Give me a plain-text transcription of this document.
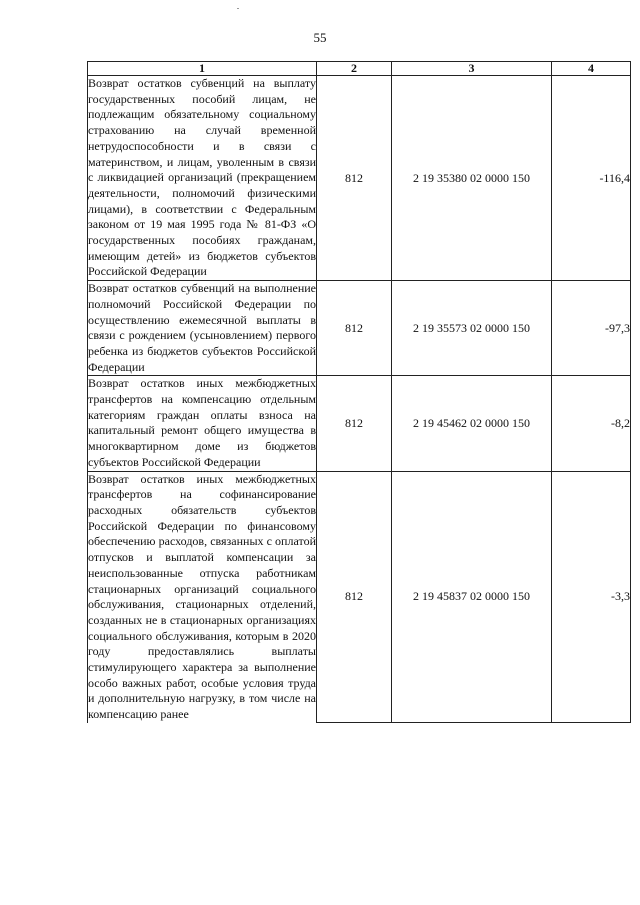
55
1	2	3	4
Возврат остатков субвенций на выплату государственных пособий лицам, не подлежащим обязательному социальному страхованию на случай временной нетрудоспособности и в связи с материнством, и лицам, уволенным в связи с ликвидацией организаций (прекращением деятельности, полномочий физическими лицами), в соответствии с Федеральным законом от 19 мая 1995 года № 81-ФЗ «О государственных пособиях гражданам, имеющим детей» из бюджетов субъектов Российской Федерации	812	2 19 35380 02 0000 150	-116,4
Возврат остатков субвенций на выполнение полномочий Российской Федерации по осуществлению ежемесячной выплаты в связи с рождением (усыновлением) первого ребенка из бюджетов субъектов Российской Федерации	812	2 19 35573 02 0000 150	-97,3
Возврат остатков иных межбюджетных трансфертов на компенсацию отдельным категориям граждан оплаты взноса на капитальный ремонт общего имущества в многоквартирном доме из бюджетов субъектов Российской Федерации	812	2 19 45462 02 0000 150	-8,2
Возврат остатков иных межбюджетных трансфертов на софинансирование расходных обязательств субъектов Российской Федерации по финансовому обеспечению расходов, связанных с оплатой отпусков и выплатой компенсации за неиспользованные отпуска работникам стационарных организаций социального обслуживания, стационарных отделений, созданных не в стационарных организациях социального обслуживания, которым в 2020 году предоставлялись выплаты стимулирующего характера за выполнение особо важных работ, особые условия труда и дополнительную нагрузку, в том числе на компенсацию ранее	812	2 19 45837 02 0000 150	-3,3
